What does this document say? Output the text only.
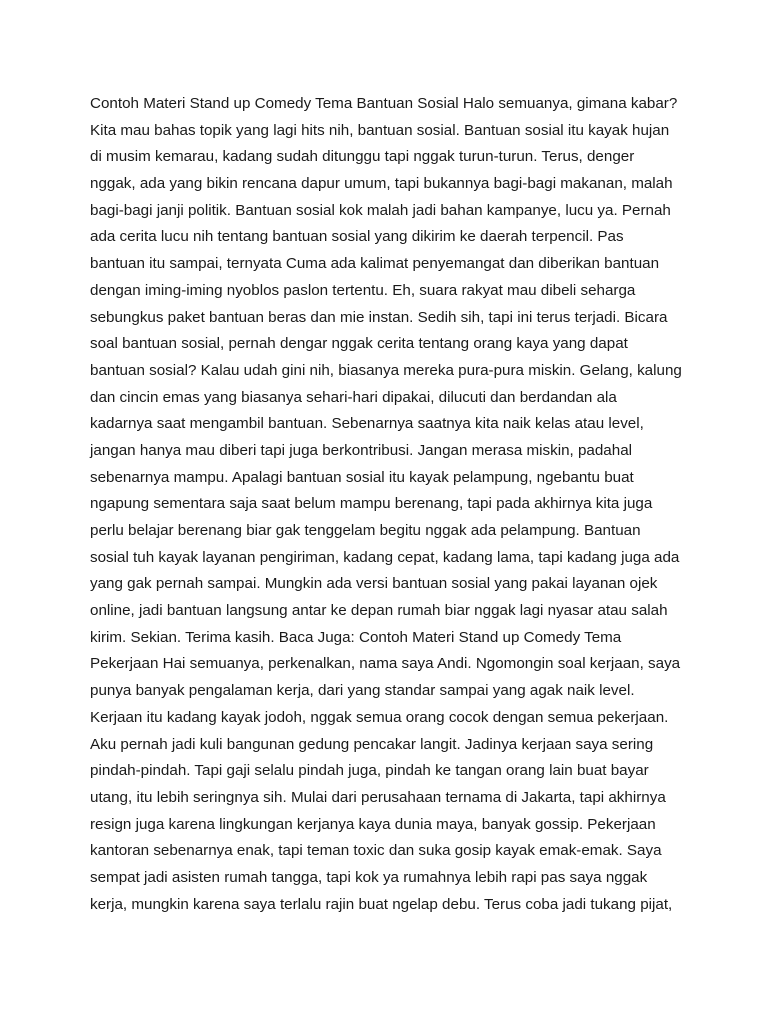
Contoh Materi Stand up Comedy Tema Bantuan Sosial Halo semuanya, gimana kabar?
Kita mau bahas topik yang lagi hits nih, bantuan sosial. Bantuan sosial itu kayak hujan
di musim kemarau, kadang sudah ditunggu tapi nggak turun-turun. Terus, denger
nggak, ada yang bikin rencana dapur umum, tapi bukannya bagi-bagi makanan, malah
bagi-bagi janji politik. Bantuan sosial kok malah jadi bahan kampanye, lucu ya. Pernah
ada cerita lucu nih tentang bantuan sosial yang dikirim ke daerah terpencil. Pas
bantuan itu sampai, ternyata Cuma ada kalimat penyemangat dan diberikan bantuan
dengan iming-iming nyoblos paslon tertentu. Eh, suara rakyat mau dibeli seharga
sebungkus paket bantuan beras dan mie instan. Sedih sih, tapi ini terus terjadi. Bicara
soal bantuan sosial, pernah dengar nggak cerita tentang orang kaya yang dapat
bantuan sosial? Kalau udah gini nih, biasanya mereka pura-pura miskin. Gelang, kalung
dan cincin emas yang biasanya sehari-hari dipakai, dilucuti dan berdandan ala
kadarnya saat mengambil bantuan. Sebenarnya saatnya kita naik kelas atau level,
jangan hanya mau diberi tapi juga berkontribusi. Jangan merasa miskin, padahal
sebenarnya mampu. Apalagi bantuan sosial itu kayak pelampung, ngebantu buat
ngapung sementara saja saat belum mampu berenang, tapi pada akhirnya kita juga
perlu belajar berenang biar gak tenggelam begitu nggak ada pelampung. Bantuan
sosial tuh kayak layanan pengiriman, kadang cepat, kadang lama, tapi kadang juga ada
yang gak pernah sampai. Mungkin ada versi bantuan sosial yang pakai layanan ojek
online, jadi bantuan langsung antar ke depan rumah biar nggak lagi nyasar atau salah
kirim. Sekian. Terima kasih. Baca Juga: Contoh Materi Stand up Comedy Tema
Pekerjaan Hai semuanya, perkenalkan, nama saya Andi. Ngomongin soal kerjaan, saya
punya banyak pengalaman kerja, dari yang standar sampai yang agak naik level.
Kerjaan itu kadang kayak jodoh, nggak semua orang cocok dengan semua pekerjaan.
Aku pernah jadi kuli bangunan gedung pencakar langit. Jadinya kerjaan saya sering
pindah-pindah. Tapi gaji selalu pindah juga, pindah ke tangan orang lain buat bayar
utang, itu lebih seringnya sih. Mulai dari perusahaan ternama di Jakarta, tapi akhirnya
resign juga karena lingkungan kerjanya kaya dunia maya, banyak gossip. Pekerjaan
kantoran sebenarnya enak, tapi teman toxic dan suka gosip kayak emak-emak. Saya
sempat jadi asisten rumah tangga, tapi kok ya rumahnya lebih rapi pas saya nggak
kerja, mungkin karena saya terlalu rajin buat ngelap debu. Terus coba jadi tukang pijat,
